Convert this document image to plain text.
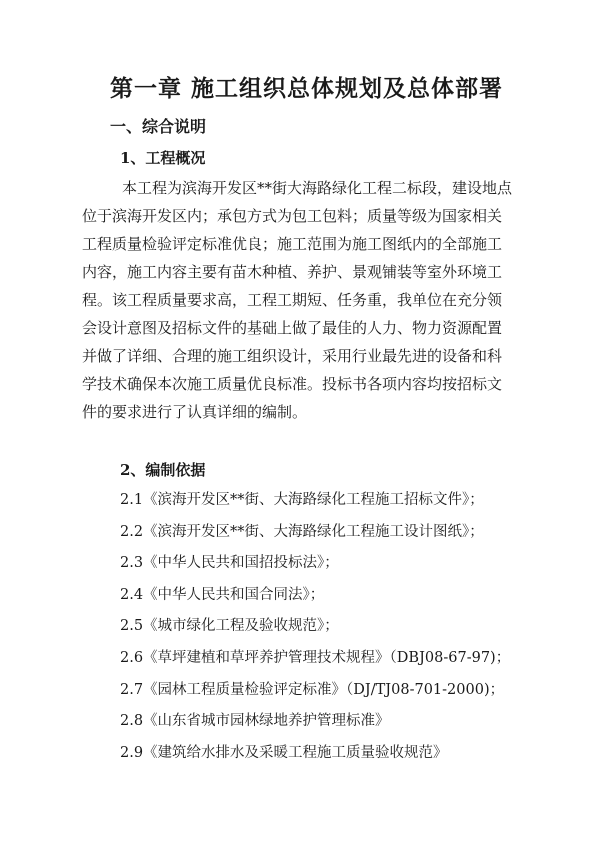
第一章 施工组织总体规划及总体部署
一、综合说明
1、工程概况
本工程为滨海开发区**街大海路绿化工程二标段，建设地点
位于滨海开发区内；承包方式为包工包料；质量等级为国家相关
工程质量检验评定标准优良；施工范围为施工图纸内的全部施工
内容，施工内容主要有苗木种植、养护、景观铺装等室外环境工
程。该工程质量要求高，工程工期短、任务重，我单位在充分领
会设计意图及招标文件的基础上做了最佳的人力、物力资源配置
并做了详细、合理的施工组织设计，采用行业最先进的设备和科
学技术确保本次施工质量优良标准。投标书各项内容均按招标文
件的要求进行了认真详细的编制。
2、编制依据
2.1《滨海开发区**街、大海路绿化工程施工招标文件》；
2.2《滨海开发区**街、大海路绿化工程施工设计图纸》；
2.3《中华人民共和国招投标法》；
2.4《中华人民共和国合同法》；
2.5《城市绿化工程及验收规范》；
2.6《草坪建植和草坪养护管理技术规程》（DBJ08-67-97)；
2.7《园林工程质量检验评定标准》（DJ/TJ08-701-2000)；
2.8《山东省城市园林绿地养护管理标准》
2.9《建筑给水排水及采暖工程施工质量验收规范》
